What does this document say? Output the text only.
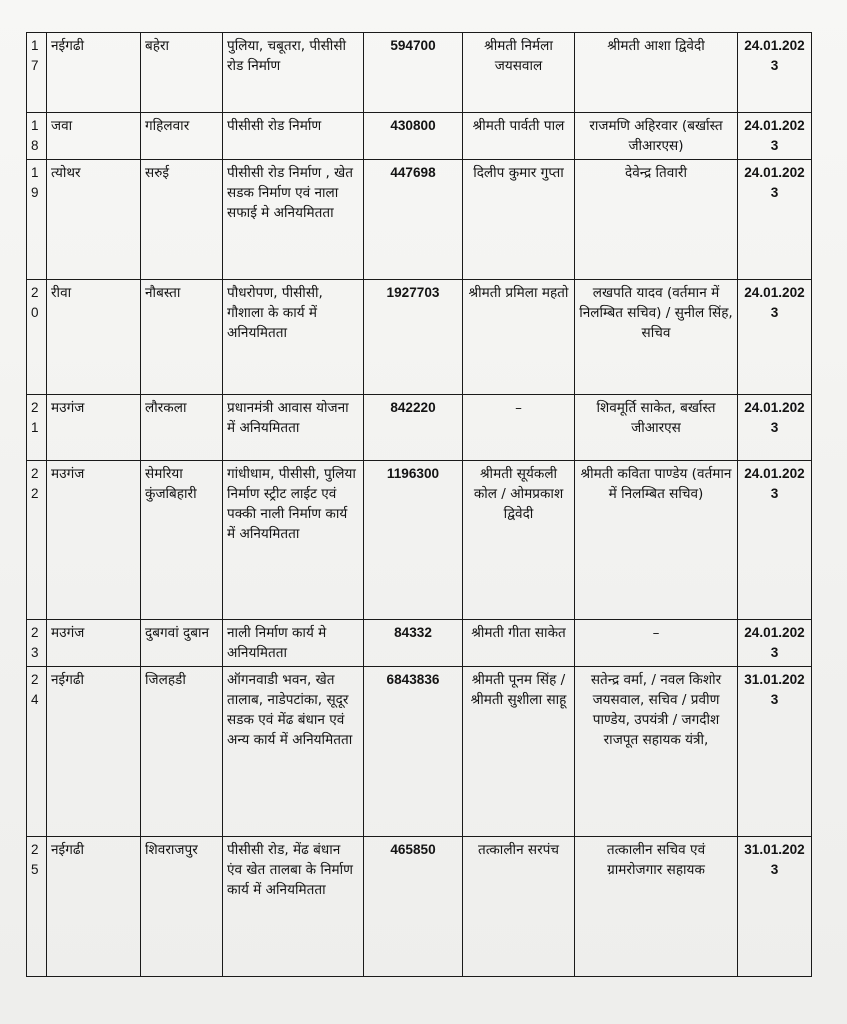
17	नईगढी	बहेरा	पुलिया, चबूतरा, पीसीसी रोड निर्माण	594700	श्रीमती निर्मला जयसवाल	श्रीमती आशा द्विवेदी	24.01.2023
18	जवा	गहिलवार	पीसीसी रोड निर्माण	430800	श्रीमती पार्वती पाल	राजमणि अहिरवार (बर्खास्त जीआरएस)	24.01.2023
19	त्योथर	सरुई	पीसीसी रोड निर्माण , खेत सडक निर्माण एवं नाला सफाई मे अनियमितता	447698	दिलीप कुमार गुप्ता	देवेन्द्र तिवारी	24.01.2023
20	रीवा	नौबस्ता	पौधरोपण, पीसीसी, गौशाला के कार्य में अनियमितता	1927703	श्रीमती प्रमिला महतो	लखपति यादव (वर्तमान में निलम्बित सचिव) / सुनील सिंह, सचिव	24.01.2023
21	मउगंज	लौरकला	प्रधानमंत्री आवास योजना में अनियमितता	842220	–	शिवमूर्ति साकेत, बर्खास्त जीआरएस	24.01.2023
22	मउगंज	सेमरिया कुंजबिहारी	गांधीधाम, पीसीसी, पुलिया निर्माण स्ट्रीट लाईट एवं पक्की नाली निर्माण कार्य में अनियमितता	1196300	श्रीमती सूर्यकली कोल / ओमप्रकाश द्विवेदी	श्रीमती कविता पाण्डेय (वर्तमान में निलम्बित सचिव)	24.01.2023
23	मउगंज	दुबगवां दुबान	नाली निर्माण कार्य मे अनियमितता	84332	श्रीमती गीता साकेत	–	24.01.2023
24	नईगढी	जिलहडी	ऑगनवाडी भवन, खेत तालाब, नाडेपटांका, सूदूर सडक एवं मेंढ बंधान एवं अन्य कार्य में अनियमितता	6843836	श्रीमती पूनम सिंह / श्रीमती सुशीला साहू	सतेन्द्र वर्मा, / नवल किशोर जयसवाल, सचिव / प्रवीण पाण्डेय, उपयंत्री / जगदीश राजपूत सहायक यंत्री,	31.01.2023
25	नईगढी	शिवराजपुर	पीसीसी रोड, मेंढ बंधान एंव खेत तालबा के निर्माण कार्य में अनियमितता	465850	तत्कालीन सरपंच	तत्कालीन सचिव एवं ग्रामरोजगार सहायक	31.01.2023
